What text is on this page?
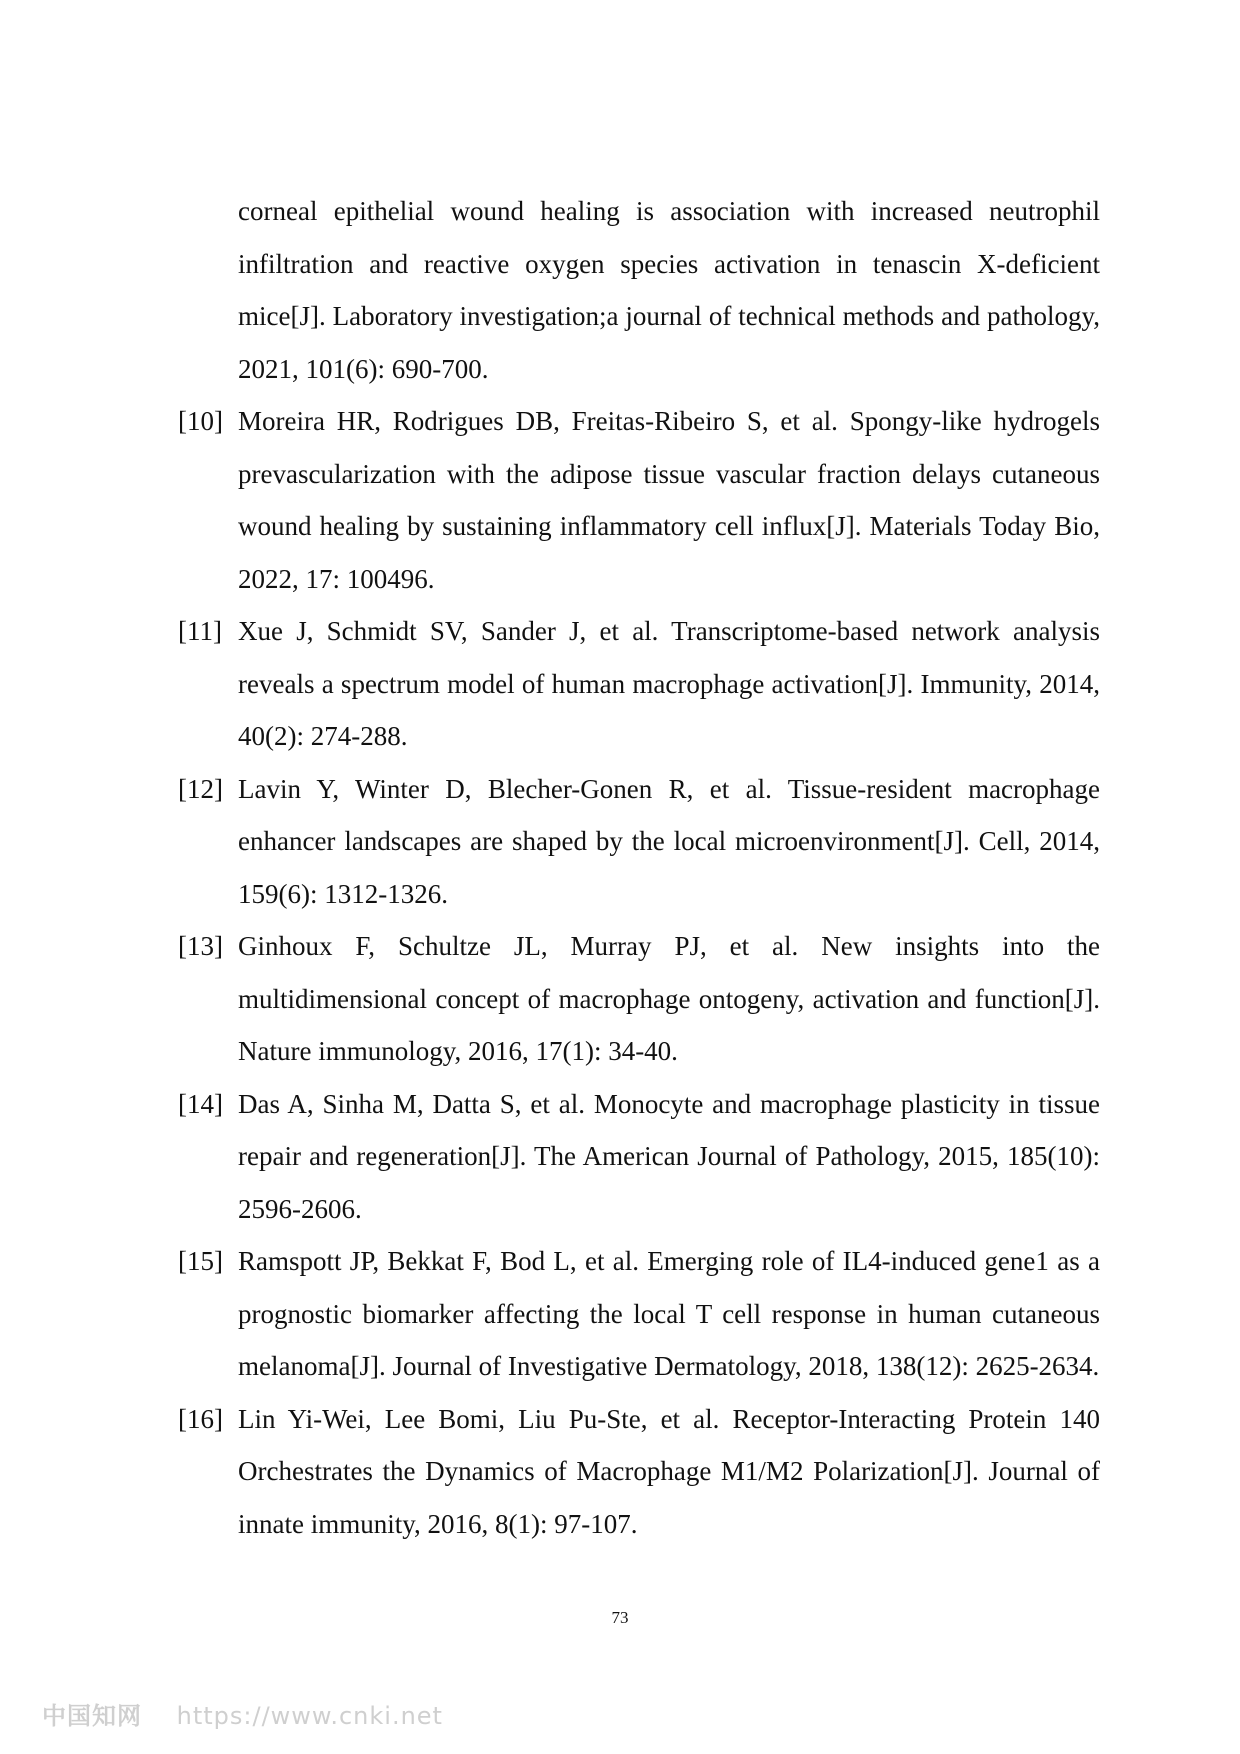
corneal epithelial wound healing is association with increased neutrophil infiltration and reactive oxygen species activation in tenascin X-deficient mice[J]. Laboratory investigation;a journal of technical methods and pathology, 2021, 101(6): 690-700.
[10] Moreira HR, Rodrigues DB, Freitas-Ribeiro S, et al. Spongy-like hydrogels prevascularization with the adipose tissue vascular fraction delays cutaneous wound healing by sustaining inflammatory cell influx[J]. Materials Today Bio, 2022, 17: 100496.
[11] Xue J, Schmidt SV, Sander J, et al. Transcriptome-based network analysis reveals a spectrum model of human macrophage activation[J]. Immunity, 2014, 40(2): 274-288.
[12] Lavin Y, Winter D, Blecher-Gonen R, et al. Tissue-resident macrophage enhancer landscapes are shaped by the local microenvironment[J]. Cell, 2014, 159(6): 1312-1326.
[13] Ginhoux F, Schultze JL, Murray PJ, et al. New insights into the multidimensional concept of macrophage ontogeny, activation and function[J]. Nature immunology, 2016, 17(1): 34-40.
[14] Das A, Sinha M, Datta S, et al. Monocyte and macrophage plasticity in tissue repair and regeneration[J]. The American Journal of Pathology, 2015, 185(10): 2596-2606.
[15] Ramspott JP, Bekkat F, Bod L, et al. Emerging role of IL4-induced gene1 as a prognostic biomarker affecting the local T cell response in human cutaneous melanoma[J]. Journal of Investigative Dermatology, 2018, 138(12): 2625-2634.
[16] Lin Yi-Wei, Lee Bomi, Liu Pu-Ste, et al. Receptor-Interacting Protein 140 Orchestrates the Dynamics of Macrophage M1/M2 Polarization[J]. Journal of innate immunity, 2016, 8(1): 97-107.
73
中国知网 https://www.cnki.net
